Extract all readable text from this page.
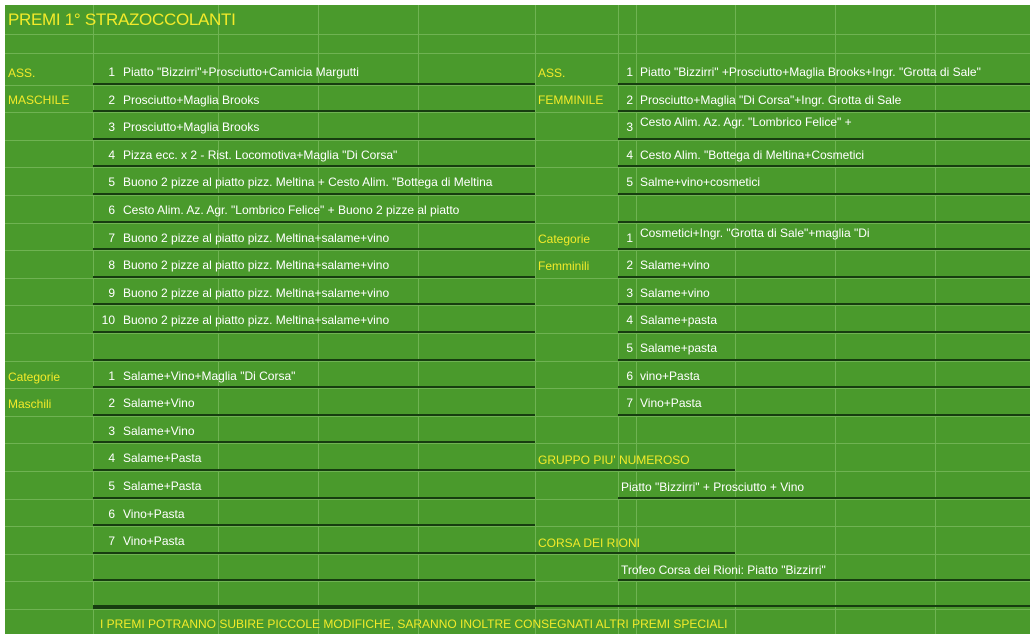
PREMI 1° STRAZOCCOLANTI
ASS.
MASCHILE
Categorie
Maschili
ASS.
FEMMINILE
Categorie
Femminili
GRUPPO PIU' NUMEROSO
Piatto "Bizzirri" + Prosciutto + Vino
CORSA DEI RIONI
Trofeo Corsa dei Rioni: Piatto "Bizzirri"
I PREMI POTRANNO SUBIRE PICCOLE MODIFICHE, SARANNO INOLTRE CONSEGNATI ALTRI PREMI SPECIALI
1 Piatto "Bizzirri"+Prosciutto+Camicia Margutti
2 Prosciutto+Maglia Brooks
3 Prosciutto+Maglia Brooks
4 Pizza ecc. x 2 - Rist. Locomotiva+Maglia "Di Corsa"
5 Buono 2 pizze al piatto pizz. Meltina + Cesto Alim. "Bottega di Meltina
6 Cesto Alim. Az. Agr. "Lombrico Felice" + Buono 2 pizze al piatto
7 Buono 2 pizze al piatto pizz. Meltina+salame+vino
8 Buono 2 pizze al piatto pizz. Meltina+salame+vino
9 Buono 2 pizze al piatto pizz. Meltina+salame+vino
10 Buono 2 pizze al piatto pizz. Meltina+salame+vino
1 Salame+Vino+Maglia "Di Corsa"
2 Salame+Vino
3 Salame+Vino
4 Salame+Pasta
5 Salame+Pasta
6 Vino+Pasta
7 Vino+Pasta
1 Piatto "Bizzirri" +Prosciutto+Maglia Brooks+Ingr. "Grotta di Sale"
2 Prosciutto+Maglia "Di Corsa"+Ingr. Grotta di Sale
3 Cesto Alim. Az. Agr. "Lombrico Felice" +
4 Cesto Alim. "Bottega di Meltina+Cosmetici
5 Salme+vino+cosmetici
1 Cosmetici+Ingr. "Grotta di Sale"+maglia "Di
2 Salame+vino
3 Salame+vino
4 Salame+pasta
5 Salame+pasta
6 vino+Pasta
7 Vino+Pasta
